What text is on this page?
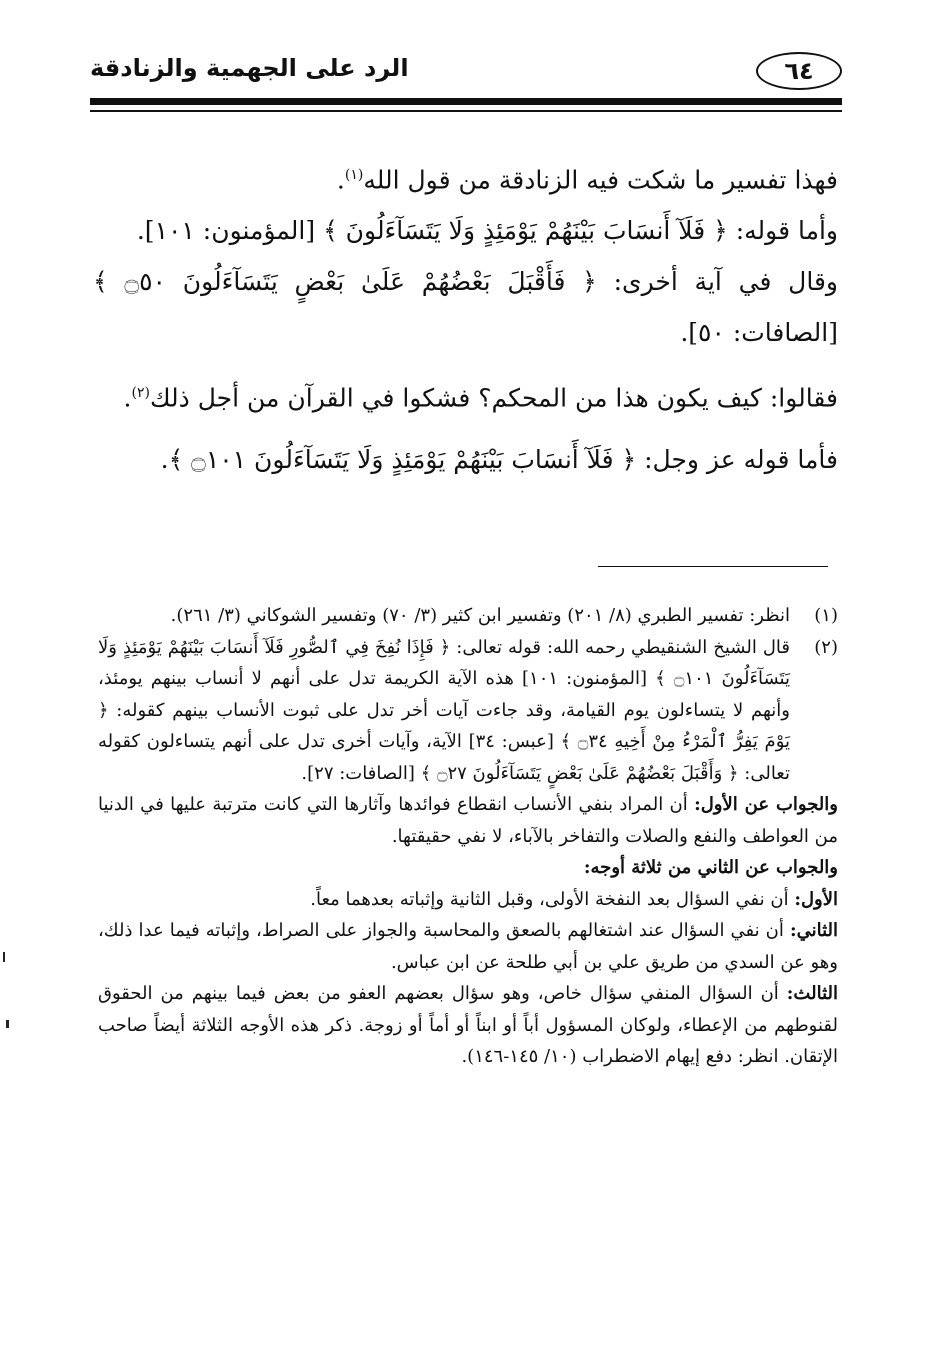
٦٤
الرد على الجهمية والزنادقة

فهذا تفسير ما شكت فيه الزنادقة من قول الله$^{(١)}$.

وأما قوله: ﴿ فَلَآ أَنسَابَ بَيْنَهُمْ يَوْمَئِذٍ وَلَا يَتَسَآءَلُونَ ﴾ [المؤمنون: ١٠١].

وقال في آية أخرى: ﴿ فَأَقْبَلَ بَعْضُهُمْ عَلَىٰ بَعْضٍ يَتَسَآءَلُونَ ۝٥٠ ﴾ [الصافات: ٥٠].

فقالوا: كيف يكون هذا من المحكم؟ فشكوا في القرآن من أجل ذلك$^{(٢)}$.

فأما قوله عز وجل: ﴿ فَلَآ أَنسَابَ بَيْنَهُمْ يَوْمَئِذٍ وَلَا يَتَسَآءَلُونَ ۝١٠١ ﴾.

(١)
انظر: تفسير الطبري (٨/ ٢٠١) وتفسير ابن كثير (٣/ ٧٠) وتفسير الشوكاني (٣/ ٢٦١).
(٢)
قال الشيخ الشنقيطي رحمه الله: قوله تعالى: ﴿ فَإِذَا نُفِخَ فِي ٱلصُّورِ فَلَآ أَنسَابَ بَيْنَهُمْ يَوْمَئِذٍ وَلَا يَتَسَآءَلُونَ ۝١٠١ ﴾ [المؤمنون: ١٠١] هذه الآية الكريمة تدل على أنهم لا أنساب بينهم يومئذ، وأنهم لا يتساءلون يوم القيامة، وقد جاءت آيات أخر تدل على ثبوت الأنساب بينهم كقوله: ﴿ يَوْمَ يَفِرُّ ٱلْمَرْءُ مِنْ أَخِيهِ ۝٣٤ ﴾ [عبس: ٣٤] الآية، وآيات أخرى تدل على أنهم يتساءلون كقوله تعالى: ﴿ وَأَقْبَلَ بَعْضُهُمْ عَلَىٰ بَعْضٍ يَتَسَآءَلُونَ ۝٢٧ ﴾ [الصافات: ٢٧].

والجواب عن الأول: أن المراد بنفي الأنساب انقطاع فوائدها وآثارها التي كانت مترتبة عليها في الدنيا من العواطف والنفع والصلات والتفاخر بالآباء، لا نفي حقيقتها.

والجواب عن الثاني من ثلاثة أوجه:

الأول: أن نفي السؤال بعد النفخة الأولى، وقبل الثانية وإثباته بعدهما معاً.

الثاني: أن نفي السؤال عند اشتغالهم بالصعق والمحاسبة والجواز على الصراط، وإثباته فيما عدا ذلك، وهو عن السدي من طريق علي بن أبي طلحة عن ابن عباس.

الثالث: أن السؤال المنفي سؤال خاص، وهو سؤال بعضهم العفو من بعض فيما بينهم من الحقوق لقنوطهم من الإعطاء، ولوكان المسؤول أباً أو ابناً أو أماً أو زوجة. ذكر هذه الأوجه الثلاثة أيضاً صاحب الإتقان. انظر: دفع إيهام الاضطراب (١٠/ ١٤٥-١٤٦).
